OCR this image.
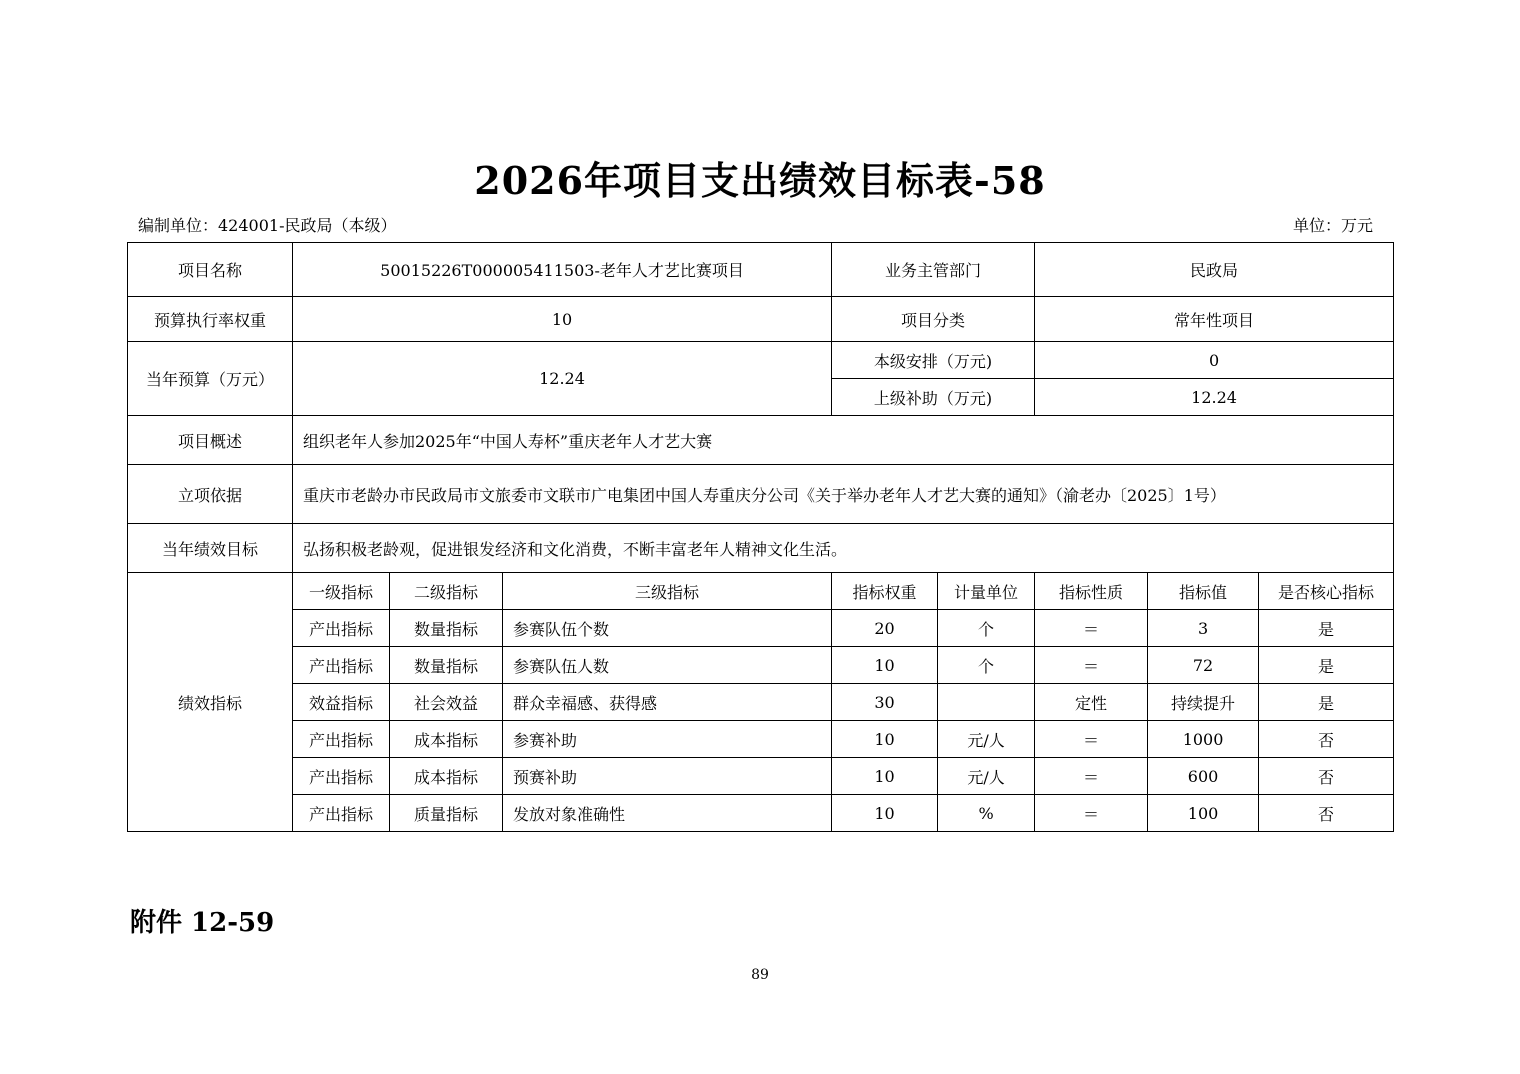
2026年项目支出绩效目标表-58
编制单位：424001-民政局（本级）	单位：万元
项目名称	50015226T000005411503-老年人才艺比赛项目			业务主管部门		民政局		
预算执行率权重	10			项目分类		常年性项目		
当年预算（万元）	12.24			本级安排（万元)		0		
				上级补助（万元)		12.24		
项目概述	组织老年人参加2025年“中国人寿杯”重庆老年人才艺大赛							
立项依据	重庆市老龄办市民政局市文旅委市文联市广电集团中国人寿重庆分公司《关于举办老年人才艺大赛的通知》（渝老办〔2025〕1号）							
当年绩效目标	弘扬积极老龄观，促进银发经济和文化消费，不断丰富老年人精神文化生活。							
绩效指标	一级指标	二级指标	三级指标	指标权重	计量单位	指标性质	指标值	是否核心指标
	产出指标	数量指标	参赛队伍个数	20	个	＝	3	是
	产出指标	数量指标	参赛队伍人数	10	个	＝	72	是
	效益指标	社会效益	群众幸福感、获得感	30		定性	持续提升	是
	产出指标	成本指标	参赛补助	10	元/人	＝	1000	否
	产出指标	成本指标	预赛补助	10	元/人	＝	600	否
	产出指标	质量指标	发放对象准确性	10	%	＝	100	否
附件 12-59
89
